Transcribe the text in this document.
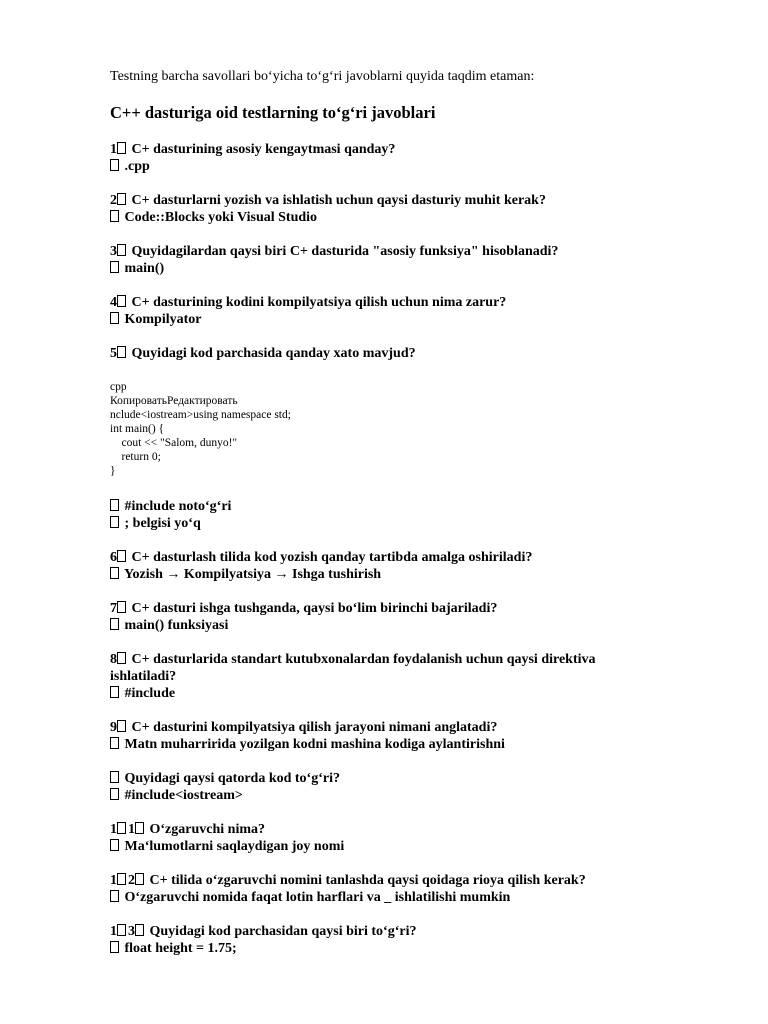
Testning barcha savollari bo‘yicha to‘g‘ri javoblarni quyida taqdim etaman:

C++ dasturiga oid testlarning to‘g‘ri javoblari

1 C+ dasturining asosiy kengaytmasi qanday?

.cpp

2 C+ dasturlarni yozish va ishlatish uchun qaysi dasturiy muhit kerak?

Code::Blocks yoki Visual Studio

3 Quyidagilardan qaysi biri C+ dasturida "asosiy funksiya" hisoblanadi?

main()

4 C+ dasturining kodini kompilyatsiya qilish uchun nima zarur?

Kompilyator

5 Quyidagi kod parchasida qanday xato mavjud?

cpp

КопироватьРедактировать

nclude<iostream>using namespace std;

int main() {

cout << "Salom, dunyo!"

return 0;

}

#include noto‘g‘ri

; belgisi yo‘q

6 C+ dasturlash tilida kod yozish qanday tartibda amalga oshiriladi?

Yozish → Kompilyatsiya → Ishga tushirish

7 C+ dasturi ishga tushganda, qaysi bo‘lim birinchi bajariladi?

main() funksiyasi

8 C+ dasturlarida standart kutubxonalardan foydalanish uchun qaysi direktiva

ishlatiladi?

#include

9 C+ dasturini kompilyatsiya qilish jarayoni nimani anglatadi?

Matn muharririda yozilgan kodni mashina kodiga aylantirishni

Quyidagi qaysi qatorda kod to‘g‘ri?

#include<iostream>

1 1 O‘zgaruvchi nima?

Ma‘lumotlarni saqlaydigan joy nomi

1 2 C+ tilida o‘zgaruvchi nomini tanlashda qaysi qoidaga rioya qilish kerak?

O‘zgaruvchi nomida faqat lotin harflari va _ ishlatilishi mumkin

1 3 Quyidagi kod parchasidan qaysi biri to‘g‘ri?

float height = 1.75;
